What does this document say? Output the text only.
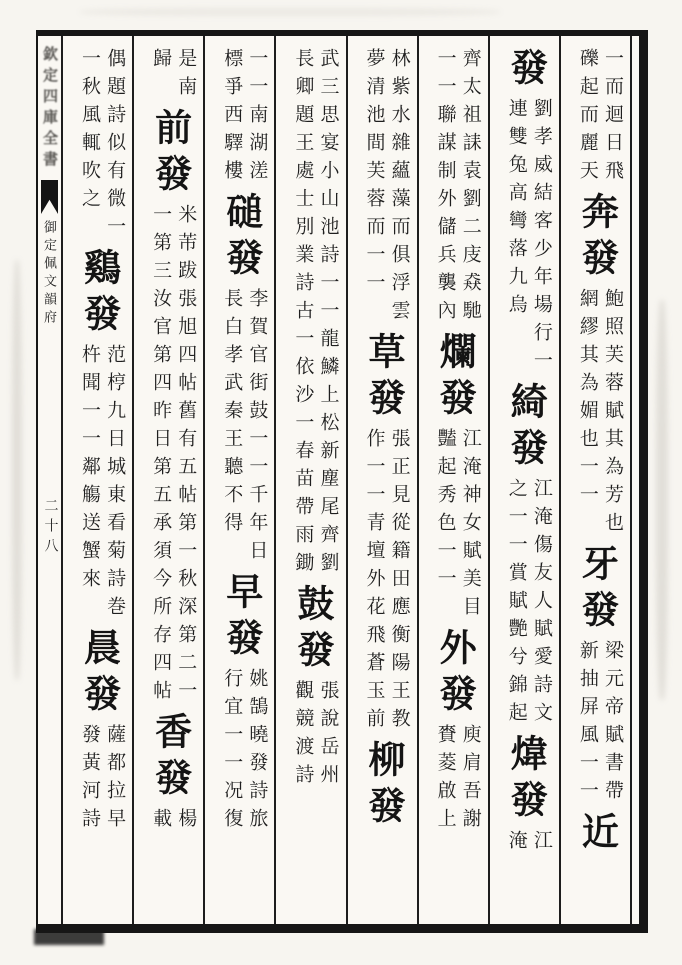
欽定四庫全書
御定佩文韻府
二十八
偶題詩似有微一
一秋風輒吹之
鷄發
范梈九日城東看菊詩巻
杵聞一一鄰觴送蟹來
晨發
薩都拉早
發黃河詩
是南
歸
前發
米芾跋張旭四帖舊有五帖第一秋深第二一
一第三汝官第四昨日第五承須今所存四帖
香發
楊
載
一一南湖溠
標爭西驛樓
磓發
李賀官街鼓一一千年日
長白孝武秦王聽不得
早發
姚鵠曉發詩旅
行宜一一况復
武三思宴小山池詩一一龍鱗上松新塵尾齊劉
長卿題王處士別業詩古一依沙一春苗帶雨鋤
鼓發
張說岳州
觀競渡詩
林紫水雜蘊藻而俱浮雲
夢清池間芙蓉而一一
草發
張正見從籍田應衡陽王教
作一一青壇外花飛蒼玉前
柳發
齊太祖誄袁劉二庋猋馳
一一聯謀制外儲兵襲內
爛發
江淹神女賦美目
豔起秀色一一
外發
庾肩吾謝
賚菱啟上
發
劉孝威結客少年場行一
連雙兔高彎落九烏
綺發
江淹傷友人賦愛詩文
之一一賞賦艷兮錦起
煒發
江
淹
一而迴日飛
礫起而麗天
奔發
鮑照芙蓉賦其為芳也
網繆其為媚也一一
牙發
梁元帝賦書帶
新抽屏風一一
近
